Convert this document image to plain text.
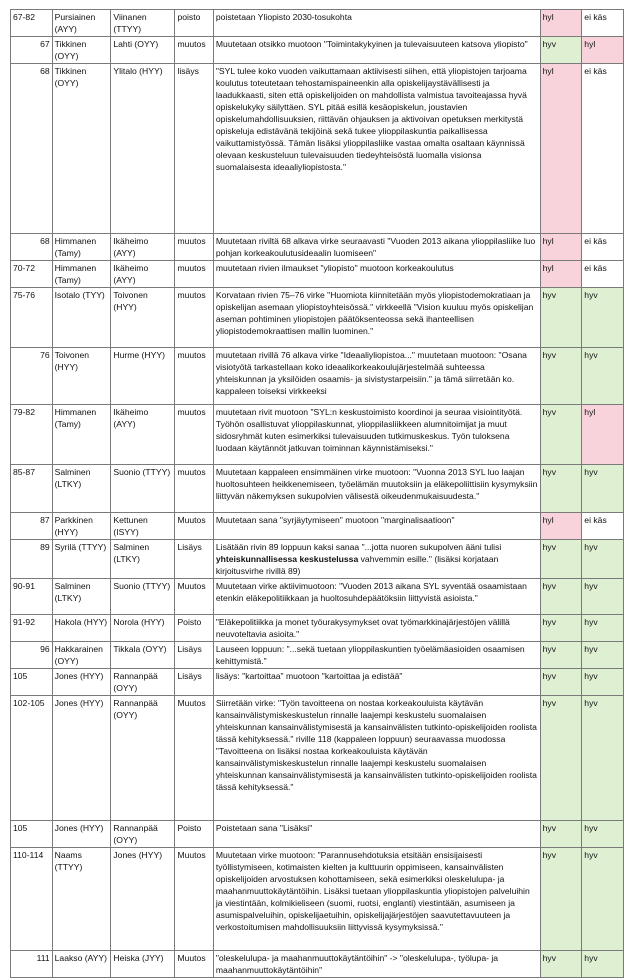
67-82	Pursiainen (AYY)	Viinanen (TTYY)	poisto	poistetaan Yliopisto 2030-tosukohta	hyl	ei käs
67	Tikkinen (OYY)	Lahti (OYY)	muutos	Muutetaan otsikko muotoon "Toimintakykyinen ja tulevaisuuteen katsova yliopisto"	hyv	hyl
68	Tikkinen (OYY)	Ylitalo (HYY)	lisäys	"SYL tulee koko vuoden vaikuttamaan aktiivisesti siihen, että yliopistojen tarjoama koulutus toteutetaan tehostamispaineenkin alla opiskelijaystävällisesti ja laadukkaasti, siten että opiskelijoiden on mahdollista valmistua tavoiteajassa hyvä opiskelukyky säilyttäen. SYL pitää esillä kesäopiskelun, joustavien opiskelumahdollisuuksien, riittävän ohjauksen ja aktivoivan opetuksen merkitystä opiskeluja edistävänä tekijöinä sekä tukee ylioppilaskuntia paikallisessa vaikuttamistyössä. Tämän lisäksi ylioppilasliike vastaa omalta osaltaan käynnissä olevaan keskusteluun tulevaisuuden tiedeyhteisöstä luomalla visionsa suomalaisesta ideaaliyliopistosta."	hyl	ei käs
68	Himmanen (Tamy)	Ikäheimo (AYY)	muutos	Muutetaan riviltä 68 alkava virke seuraavasti "Vuoden 2013 aikana ylioppilasliike luo pohjan korkeakoulutusideaalin luomiseen"	hyl	ei käs
70-72	Himmanen (Tamy)	Ikäheimo (AYY)	muutos	muutetaan rivien ilmaukset "yliopisto" muotoon korkeakoulutus	hyl	ei käs
75-76	Isotalo (TYY)	Toivonen (HYY)	muutos	Korvataan rivien 75–76 virke "Huomiota kiinnitetään myös yliopistodemokratiaan ja opiskelijan asemaan yliopistoyhteisössä." virkkeellä "Vision kuuluu myös opiskelijan aseman pohtiminen yliopistojen päätöksenteossa sekä ihanteellisen yliopistodemokraattisen mallin luominen."	hyv	hyv
76	Toivonen (HYY)	Hurme (HYY)	muutos	muutetaan rivillä 76 alkava virke "Ideaaliyliopistoa..." muutetaan muotoon: "Osana visiotyötä tarkastellaan koko ideaalikorkeakoulujärjestelmää suhteessa yhteiskunnan ja yksilöiden osaamis- ja sivistystarpeisiin." ja tämä siirretään ko. kappaleen toiseksi virkkeeksi	hyv	hyv
79-82	Himmanen (Tamy)	Ikäheimo (AYY)	muutos	muutetaan rivit muotoon "SYL:n keskustoimisto koordinoi ja seuraa visiointityötä. Työhön osallistuvat ylioppilaskunnat, ylioppilasliikkeen alumnitoimijat ja muut sidosryhmät kuten esimerkiksi tulevaisuuden tutkimuskeskus. Työn tuloksena luodaan käytännöt jatkuvan toiminnan käynnistämiseksi."	hyv	hyl
85-87	Salminen (LTKY)	Suonio (TTYY)	muutos	Muutetaan kappaleen ensimmäinen virke muotoon: "Vuonna 2013 SYL luo laajan huoltosuhteen heikkenemiseen, työelämän muutoksiin ja eläkepoliittisiin kysymyksiin liittyvän näkemyksen sukupolvien välisestä oikeudenmukaisuudesta."	hyv	hyv
87	Parkkinen (HYY)	Kettunen (ISYY)	Muutos	Muutetaan sana "syrjäytymiseen" muotoon "marginalisaatioon"	hyl	ei käs
89	Syrilä (TTYY)	Salminen (LTKY)	Lisäys	Lisätään rivin 89 loppuun kaksi sanaa "...jotta nuoren sukupolven ääni tulisi yhteiskunnallisessa keskustelussa vahvemmin esille." (lisäksi korjataan kirjoitusvirhe rivillä 89)	hyv	hyv
90-91	Salminen (LTKY)	Suonio (TTYY)	Muutos	Muutetaan virke aktiivimuotoon: "Vuoden 2013 aikana SYL syventää osaamistaan etenkin eläkepolitiikkaan ja huoltosuhdepäätöksiin liittyvistä asioista."	hyv	hyv
91-92	Hakola (HYY)	Norola (HYY)	Poisto	"Eläkepolitiikka ja monet työurakysymykset ovat työmarkkinajärjestöjen välillä neuvoteltavia asioita."	hyv	hyv
96	Hakkarainen (OYY)	Tikkala (OYY)	Lisäys	Lauseen loppuun: "...sekä tuetaan ylioppilaskuntien työelämäasioiden osaamisen kehittymistä."	hyv	hyv
105	Jones (HYY)	Rannanpää (OYY)	Lisäys	lisäys: "kartoittaa" muotoon "kartoittaa ja edistää"	hyv	hyv
102-105	Jones (HYY)	Rannanpää (OYY)	Muutos	Siirretään virke: "Työn tavoitteena on nostaa korkeakouluista käytävän kansainvälistymiskeskustelun rinnalle laajempi keskustelu suomalaisen yhteiskunnan kansainvälistymisestä ja kansainvälisten tutkinto-opiskelijoiden roolista tässä kehityksessä." riville 118 (kappaleen loppuun) seuraavassa muodossa "Tavoitteena on lisäksi nostaa korkeakouluista käytävän kansainvälistymiskeskustelun rinnalle laajempi keskustelu suomalaisen yhteiskunnan kansainvälistymisestä ja kansainvälisten tutkinto-opiskelijoiden roolista tässä kehityksessä."	hyv	hyv
105	Jones (HYY)	Rannanpää (OYY)	Poisto	Poistetaan sana "Lisäksi"	hyv	hyv
110-114	Naams (TTYY)	Jones (HYY)	Muutos	Muutetaan virke muotoon: "Parannusehdotuksia etsitään ensisijaisesti työllistymiseen, kotimaisten kielten ja kulttuurin oppimiseen, kansainvälisten opiskelijoiden arvostuksen kohottamiseen, sekä esimerkiksi oleskelulupa- ja maahanmuuttokäytäntöihin. Lisäksi tuetaan ylioppilaskuntia yliopistojen palveluihin ja viestintään, kolmikieliseen (suomi, ruotsi, englanti) viestintään, asumiseen ja asumispalveluihin, opiskelijaetuihin, opiskelijajärjestöjen saavutettavuuteen ja verkostoitumisen mahdollisuuksiin liittyvissä kysymyksissä."	hyv	hyv
111	Laakso (AYY)	Heiska (JYY)	Muutos	"oleskelulupa- ja maahanmuuttokäytäntöihin" -> "oleskelulupa-, työlupa- ja maahanmuuttokäytäntöihin"	hyv	hyv
